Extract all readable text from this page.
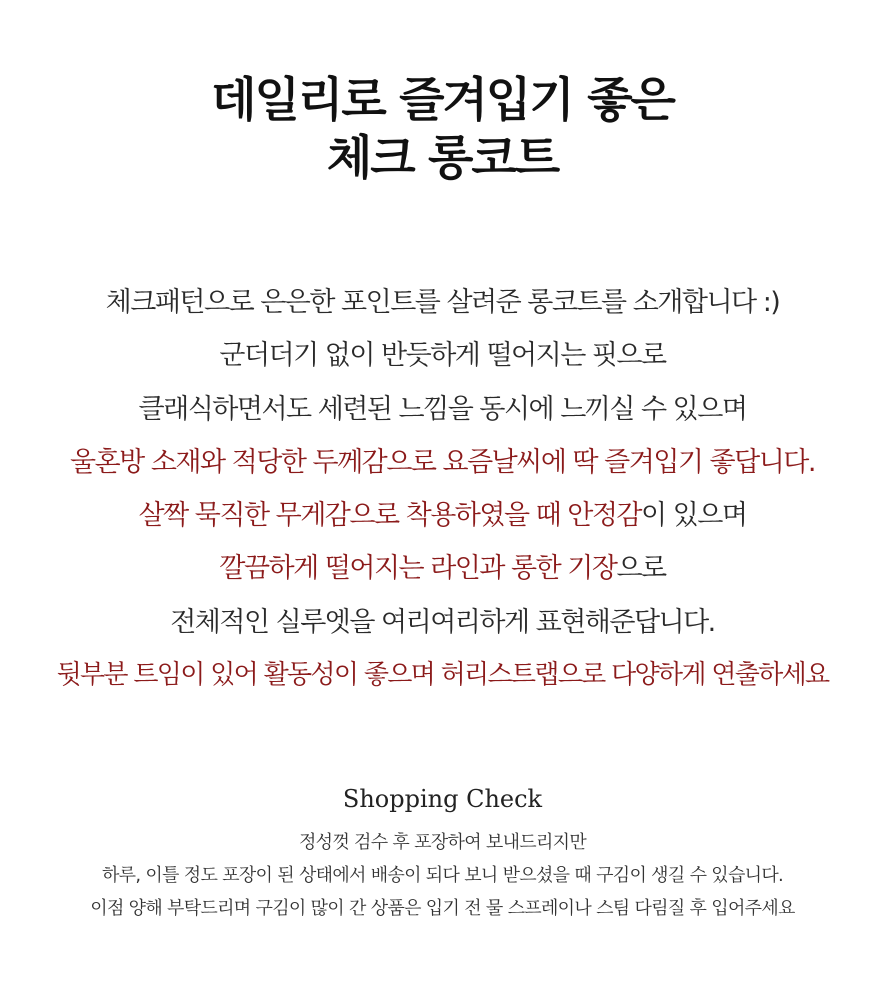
데일리로 즐겨입기 좋은
체크 롱코트
체크패턴으로 은은한 포인트를 살려준 롱코트를 소개합니다 :)
군더더기 없이 반듯하게 떨어지는 핏으로
클래식하면서도 세련된 느낌을 동시에 느끼실 수 있으며
울혼방 소재와 적당한 두께감으로 요즘날씨에 딱 즐겨입기 좋답니다.
살짝 묵직한 무게감으로 착용하였을 때 안정감이 있으며
깔끔하게 떨어지는 라인과 롱한 기장으로
전체적인 실루엣을 여리여리하게 표현해준답니다.
뒷부분 트임이 있어 활동성이 좋으며 허리스트랩으로 다양하게 연출하세요
Shopping Check
정성껏 검수 후 포장하여 보내드리지만
하루, 이틀 정도 포장이 된 상태에서 배송이 되다 보니 받으셨을 때 구김이 생길 수 있습니다.
이점 양해 부탁드리며 구김이 많이 간 상품은 입기 전 물 스프레이나 스팀 다림질 후 입어주세요
